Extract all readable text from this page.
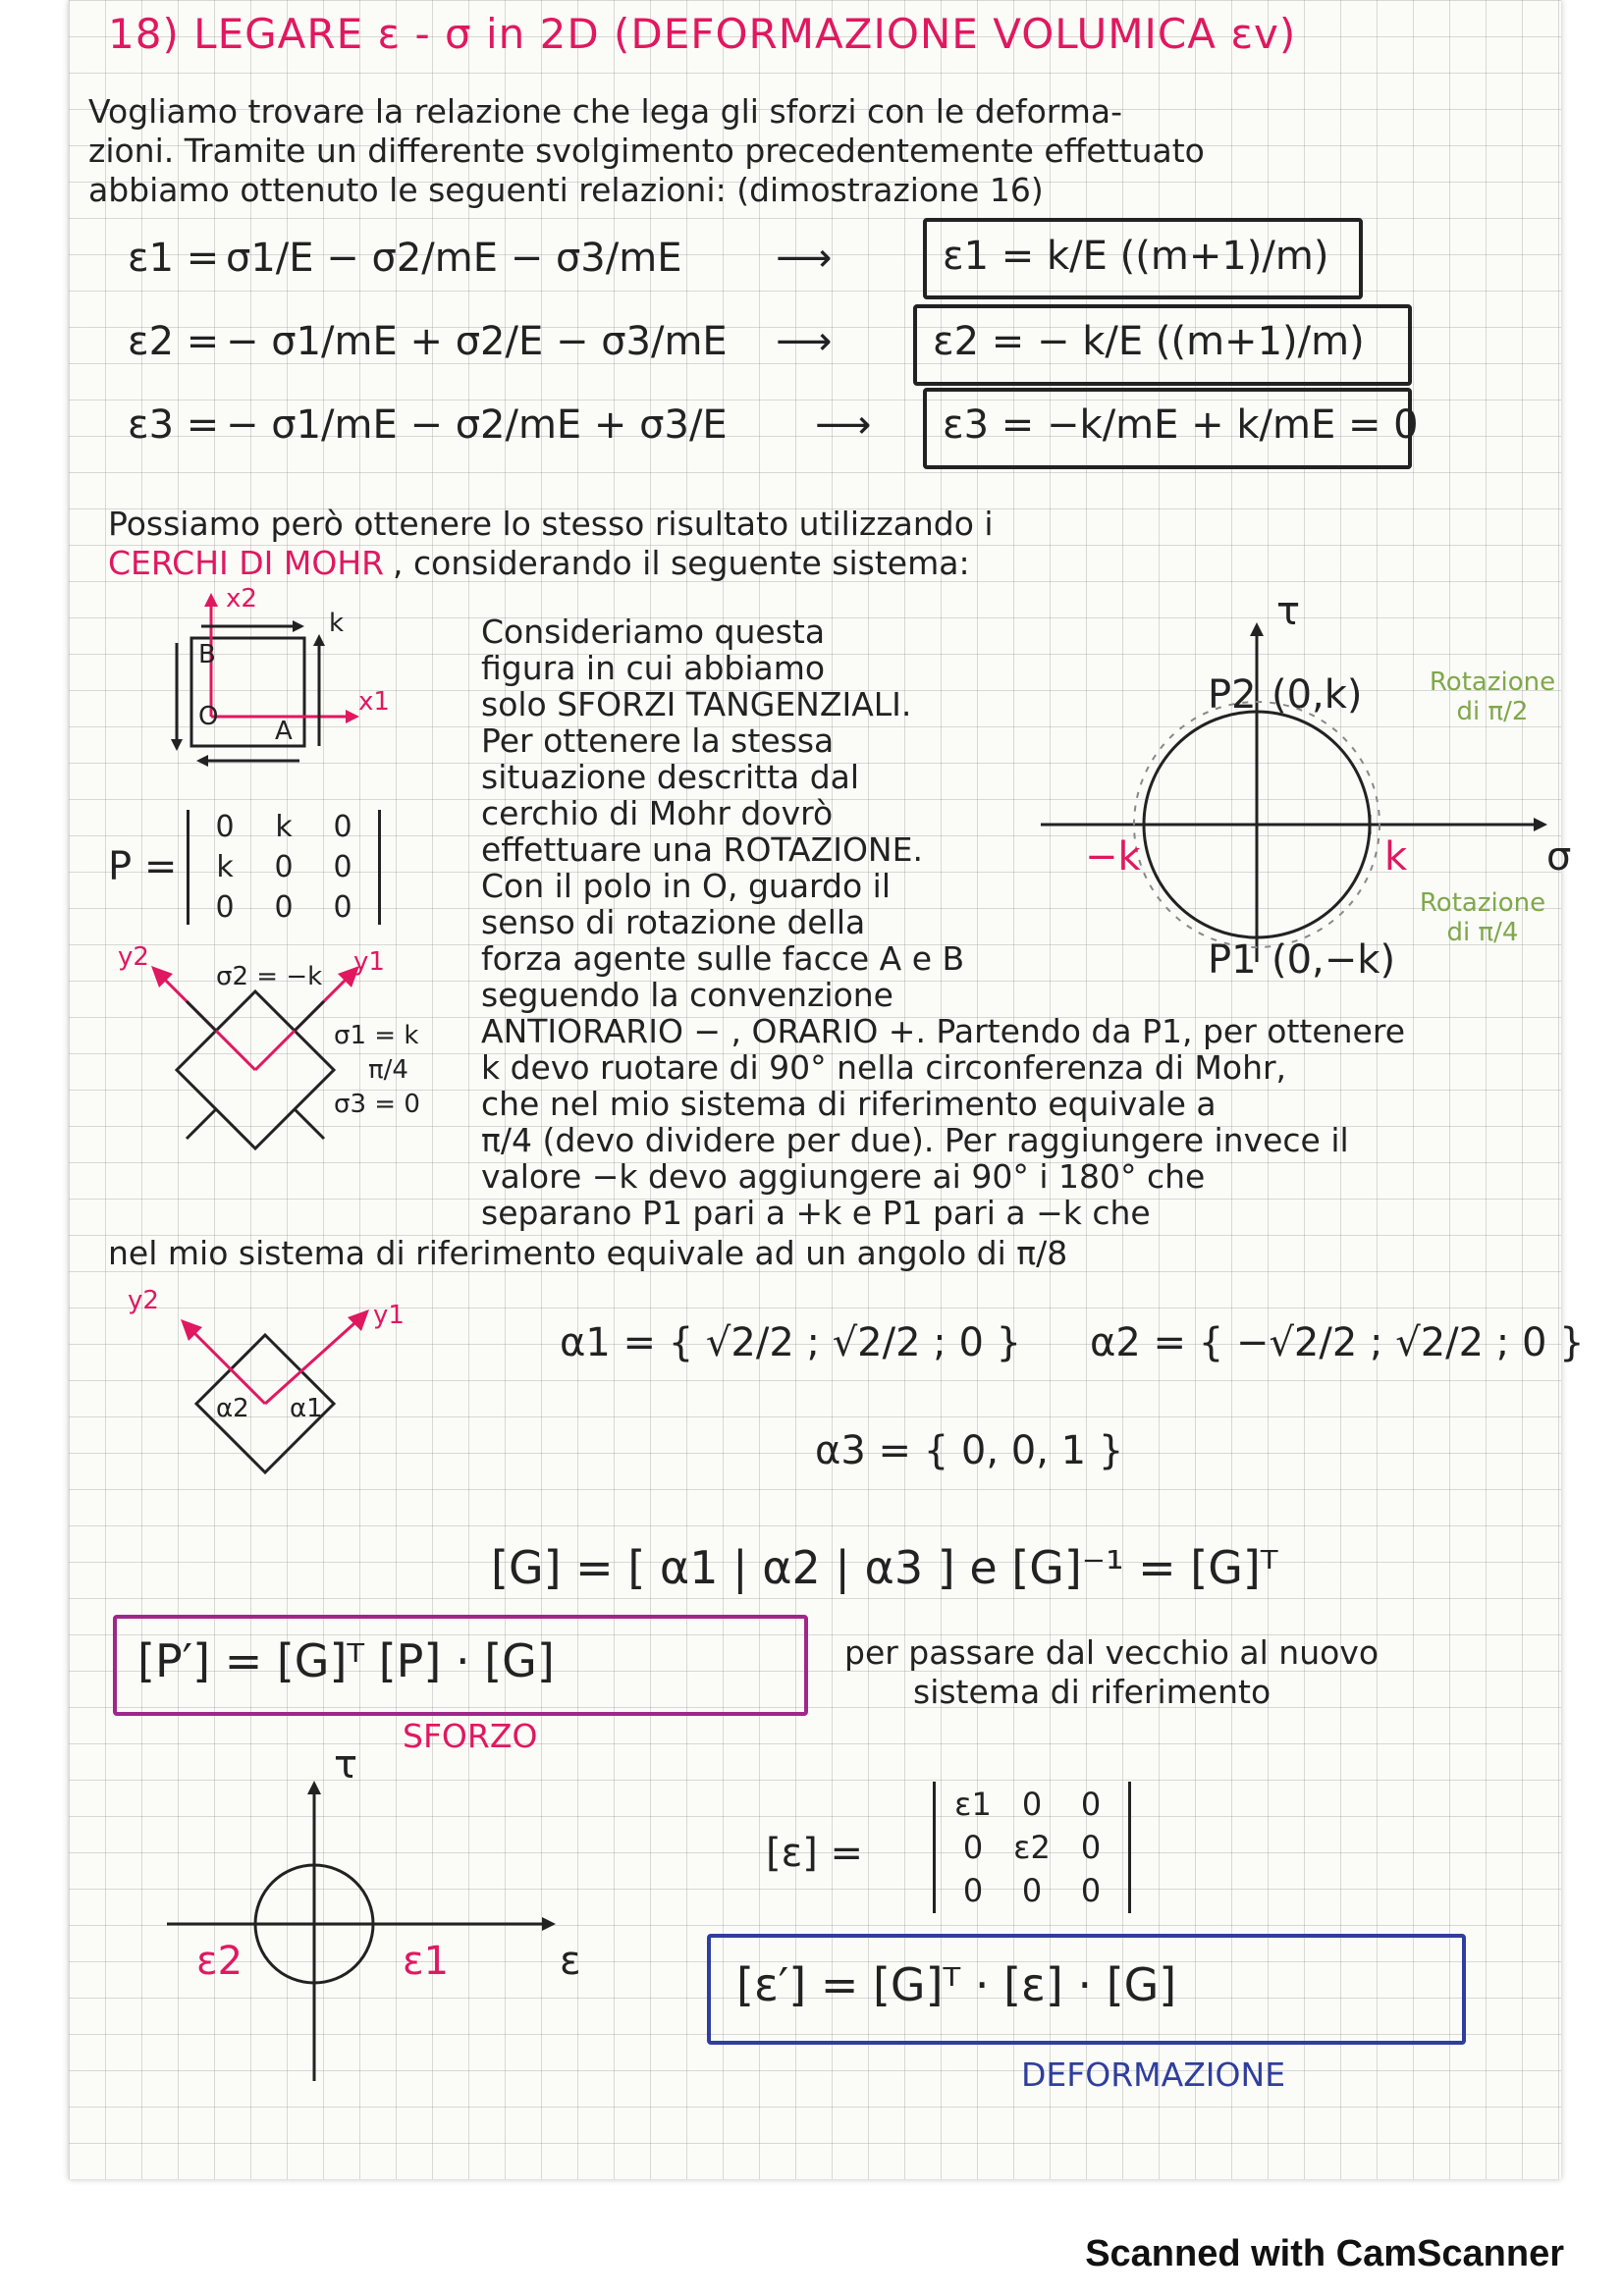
18) LEGARE ε - σ in 2D (DEFORMAZIONE VOLUMICA εv)
Vogliamo trovare la relazione che lega gli sforzi con le deforma-
zioni. Tramite un differente svolgimento precedentemente effettuato
abbiamo ottenuto le seguenti relazioni: (dimostrazione 16)
ε1 = σ1/E − σ2/mE − σ3/mE ⟶	ε1 = k/E ((m+1)/m)
ε2 = − σ1/mE + σ2/E − σ3/mE ⟶	ε2 = − k/E ((m+1)/m)
ε3 = − σ1/mE − σ2/mE + σ3/E ⟶ ε3 = −k/mE + k/mE = 0
Possiamo però ottenere lo stesso risultato utilizzando i
CERCHI DI MOHR , considerando il seguente sistema:
x2
x1
k
B
O A
P =
0	k	0
k	0	0
0	0	0
Consideriamo questa
figura in cui abbiamo
solo SFORZI TANGENZIALI.
Per ottenere la stessa
situazione descritta dal
cerchio di Mohr dovrò
effettuare una ROTAZIONE.
Con il polo in O, guardo il
senso di rotazione della
forza agente sulle facce A e B
seguendo la convenzione
ANTIORARIO − , ORARIO +. Partendo da P1, per ottenere
k devo ruotare di 90° nella circonferenza di Mohr,
che nel mio sistema di riferimento equivale a
π/4 (devo dividere per due). Per raggiungere invece il
valore −k devo aggiungere ai 90° i 180° che
separano P1 pari a +k e P1 pari a −k che
nel mio sistema di riferimento equivale ad un angolo di π/8
τ
σ
P2 (0,k)
P1 (0,−k)
−k	k
Rotazione di π/2
Rotazione di π/4
y2	y1
σ2 = −k
σ1 = k
π/4
σ3 = 0
y2	y1
α2 α1
α1 = { √2/2 ; √2/2 ; 0 } α2 = { −√2/2 ; √2/2 ; 0 }
α3 = { 0, 0, 1 }
[G] = [ α1 | α2 | α3 ] e [G]⁻¹ = [G]ᵀ
[P′] = [G]ᵀ [P] · [G]	per passare dal vecchio al nuovo
sistema di riferimento
SFORZO
τ
ε
ε2	ε1
[ε] =
ε1 0	0
0 ε2 0
0	0	0
[ε′] = [G]ᵀ · [ε] · [G]
DEFORMAZIONE
Scanned with CamScanner
